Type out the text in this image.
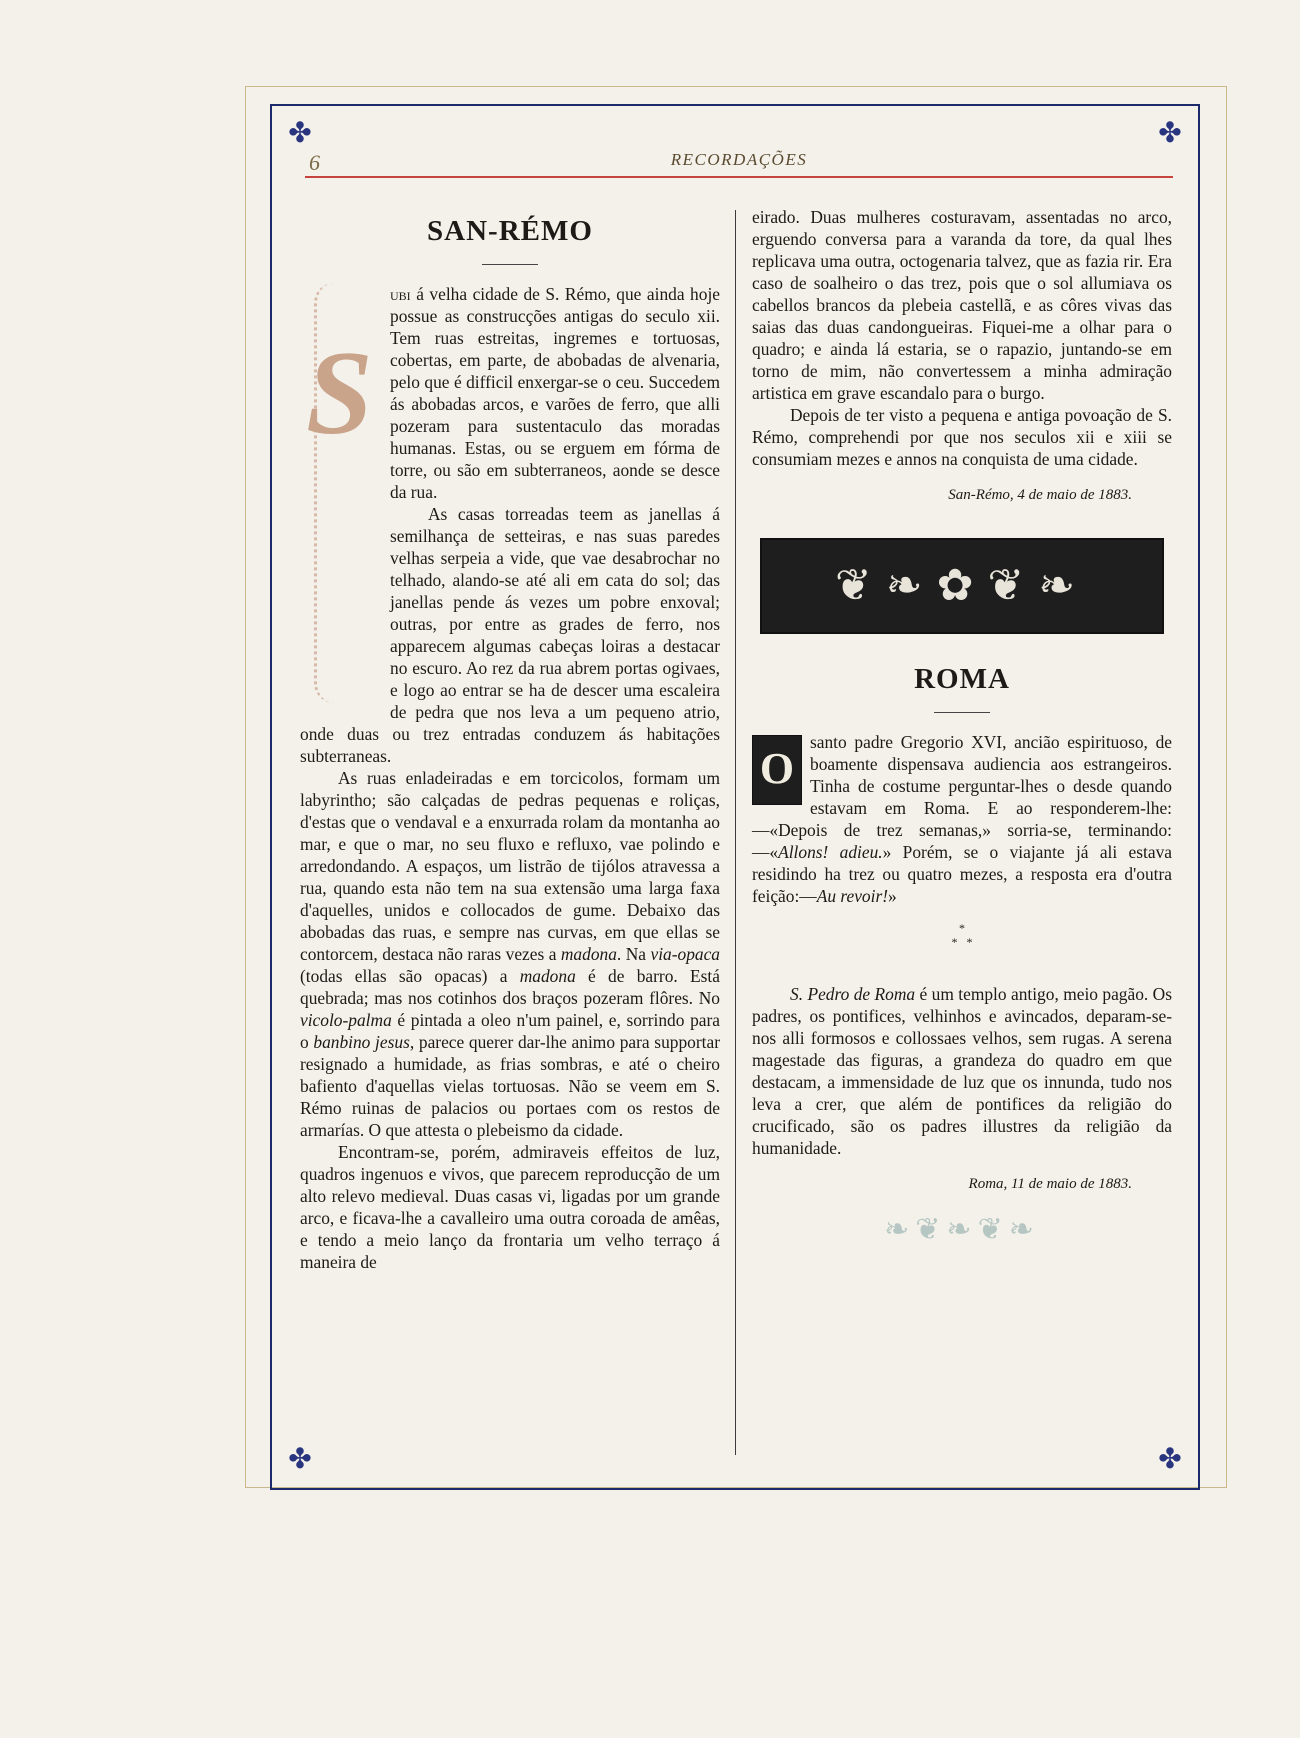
✤	✤
✤	✤
6	RECORDAÇÕES
SAN-RÉMO
S

ubi á velha cidade de S. Rémo, que ainda hoje possue as construcções antigas do seculo xii. Tem ruas estreitas, ingremes e tortuosas, cobertas, em parte, de abobadas de alvenaria, pelo que é difficil enxergar-se o ceu. Succedem ás abobadas arcos, e varões de ferro, que alli pozeram para sustentaculo das moradas humanas. Estas, ou se erguem em fórma de torre, ou são em subterraneos, aonde se desce da rua.

As casas torreadas teem as janellas á semilhança de setteiras, e nas suas paredes velhas serpeia a vide, que vae desabrochar no telhado, alando-se até ali em cata do sol; das janellas pende ás vezes um pobre enxoval; outras, por entre as grades de ferro, nos apparecem algumas cabeças loiras a destacar no escuro. Ao rez da rua abrem portas ogivaes, e logo ao entrar se ha de descer uma escaleira de pedra que nos leva a um pequeno atrio, onde duas ou trez entradas conduzem ás habitações subterraneas.

As ruas enladeiradas e em torcicolos, formam um labyrintho; são calçadas de pedras pequenas e roliças, d'estas que o vendaval e a enxurrada rolam da montanha ao mar, e que o mar, no seu fluxo e refluxo, vae polindo e arredondando. A espaços, um listrão de tijólos atravessa a rua, quando esta não tem na sua extensão uma larga faxa d'aquelles, unidos e collocados de gume. Debaixo das abobadas das ruas, e sempre nas curvas, em que ellas se contorcem, destaca não raras vezes a madona. Na via-opaca (todas ellas são opacas) a madona é de barro. Está quebrada; mas nos cotinhos dos braços pozeram flôres. No vicolo-palma é pintada a oleo n'um painel, e, sorrindo para o banbino jesus, parece querer dar-lhe animo para supportar resignado a humidade, as frias sombras, e até o cheiro bafiento d'aquellas vielas tortuosas. Não se veem em S. Rémo ruinas de palacios ou portaes com os restos de armarías. O que attesta o plebeismo da cidade.

Encontram-se, porém, admiraveis effeitos de luz, quadros ingenuos e vivos, que parecem reproducção de um alto relevo medieval. Duas casas vi, ligadas por um grande arco, e ficava-lhe a cavalleiro uma outra coroada de amêas, e tendo a meio lanço da frontaria um velho terraço á maneira de

eirado. Duas mulheres costuravam, assentadas no arco, erguendo conversa para a varanda da tore, da qual lhes replicava uma outra, octogenaria talvez, que as fazia rir. Era caso de soalheiro o das trez, pois que o sol allumiava os cabellos brancos da plebeia castellã, e as côres vivas das saias das duas candongueiras. Fiquei-me a olhar para o quadro; e ainda lá estaria, se o rapazio, juntando-se em torno de mim, não convertessem a minha admiração artistica em grave escandalo para o burgo.

Depois de ter visto a pequena e antiga povoação de S. Rémo, comprehendi por que nos seculos xii e xiii se consumiam mezes e annos na conquista de uma cidade.

San-Rémo, 4 de maio de 1883.
❦❧✿❦❧
ROMA
O

santo padre Gregorio XVI, ancião espirituoso, de boamente dispensava audiencia aos estrangeiros. Tinha de costume perguntar-lhes o desde quando estavam em Roma. E ao responderem-lhe:—«Depois de trez semanas,» sorria-se, terminando:—«Allons! adieu.» Porém, se o viajante já ali estava residindo ha trez ou quatro mezes, a resposta era d'outra feição:—Au revoir!»

*
*   *

S. Pedro de Roma é um templo antigo, meio pagão. Os padres, os pontifices, velhinhos e avincados, deparam-se-nos alli formosos e collossaes velhos, sem rugas. A serena magestade das figuras, a grandeza do quadro em que destacam, a immensidade de luz que os innunda, tudo nos leva a crer, que além de pontifices da religião do crucificado, são os padres illustres da religião da humanidade.

Roma, 11 de maio de 1883.
❧❦❧❦❧
